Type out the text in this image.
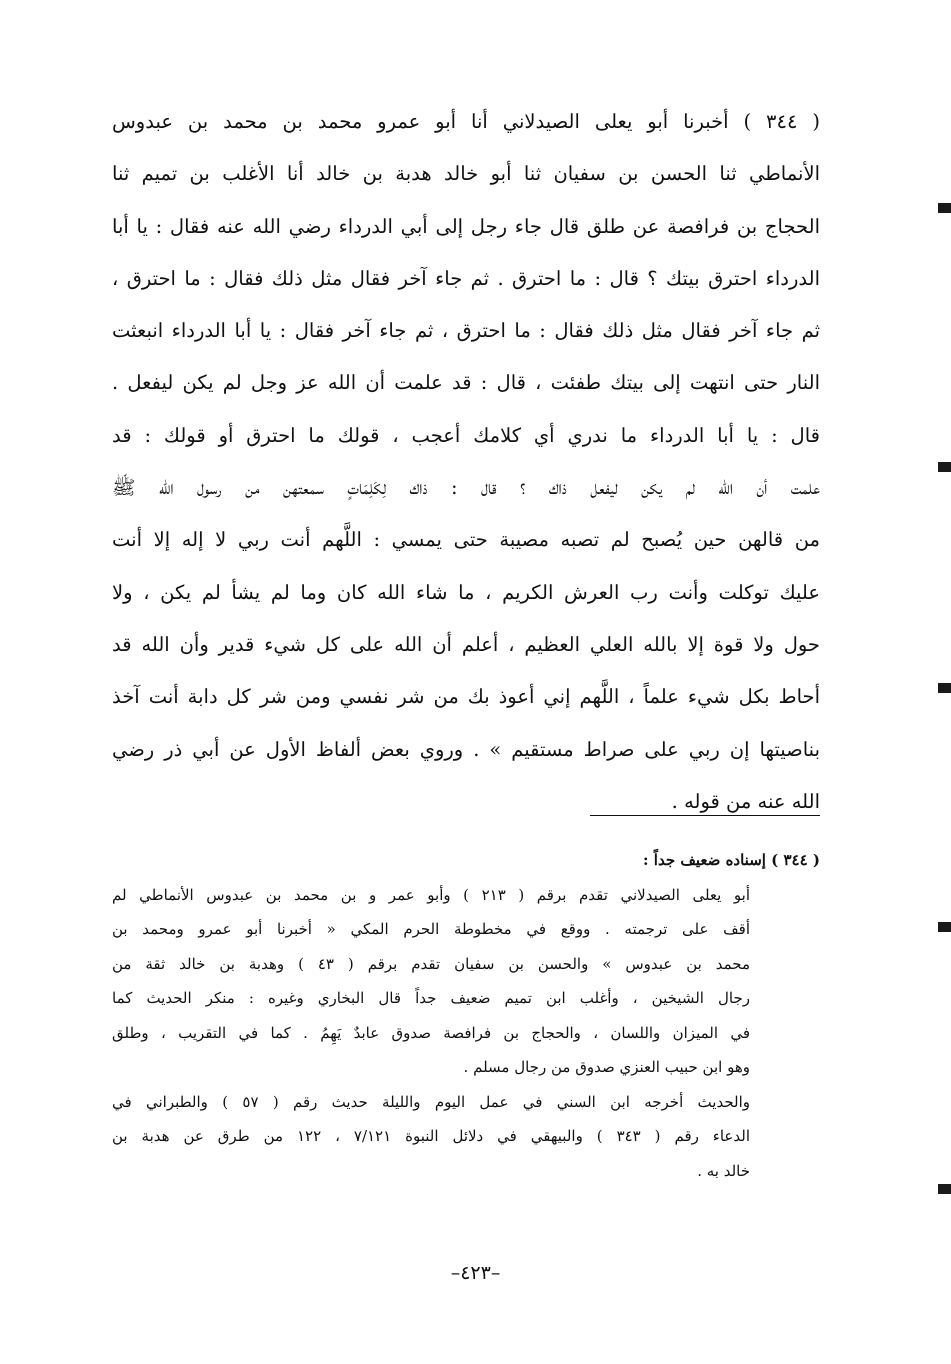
( ٣٤٤ ) أخبرنا أبو يعلى الصيدلاني أنا أبو عمرو محمد بن محمد بن عبدوس
الأنماطي ثنا الحسن بن سفيان ثنا أبو خالد هدبة بن خالد أنا الأغلب بن تميم ثنا
الحجاج بن فرافصة عن طلق قال جاء رجل إلى أبي الدرداء رضي الله عنه فقال : يا أبا
الدرداء احترق بيتك ؟ قال : ما احترق . ثم جاء آخر فقال مثل ذلك فقال : ما احترق ،
ثم جاء آخر فقال مثل ذلك فقال : ما احترق ، ثم جاء آخر فقال : يا أبا الدرداء انبعثت
النار حتى انتهت إلى بيتك طفئت ، قال : قد علمت أن الله عز وجل لم يكن ليفعل .
قال : يا أبا الدرداء ما ندري أي كلامك أعجب ، قولك ما احترق أو قولك : قد
علمت أن الله لم يكن ليفعل ذاك ؟ قال : ذاك لِكَلِمَاتٍ سمعتهن من رسول الله ﷺ
من قالهن حين يُصبح لم تصبه مصيبة حتى يمسي : اللَّهم أنت ربي لا إله إلا أنت
عليك توكلت وأنت رب العرش الكريم ، ما شاء الله كان وما لم يشأ لم يكن ، ولا
حول ولا قوة إلا بالله العلي العظيم ، أعلم أن الله على كل شيء قدير وأن الله قد
أحاط بكل شيء علماً ، اللَّهم إني أعوذ بك من شر نفسي ومن شر كل دابة أنت آخذ
بناصيتها إن ربي على صراط مستقيم » . وروي بعض ألفاظ الأول عن أبي ذر رضي
الله عنه من قوله .
( ٣٤٤ ) إسناده ضعيف جداً :
أبو يعلى الصيدلاني تقدم برقم ( ٢١٣ ) وأبو عمر و بن محمد بن عبدوس الأنماطي لم
أقف على ترجمته . ووقع في مخطوطة الحرم المكي « أخبرنا أبو عمرو ومحمد بن
محمد بن عبدوس » والحسن بن سفيان تقدم برقم ( ٤٣ ) وهدبة بن خالد ثقة من
رجال الشيخين ، وأغلب ابن تميم ضعيف جداً قال البخاري وغيره : منكر الحديث كما
في الميزان واللسان ، والحجاج بن فرافصة صدوق عابدٌ يَهِمُ . كما في التقريب ، وطلق
وهو ابن حبيب العنزي صدوق من رجال مسلم .
والحديث أخرجه ابن السني في عمل اليوم والليلة حديث رقم ( ٥٧ ) والطبراني في
الدعاء رقم ( ٣٤٣ ) والبيهقي في دلائل النبوة ٧/١٢١ ، ١٢٢ من طرق عن هدبة بن
خالد به .
–٤٢٣–
